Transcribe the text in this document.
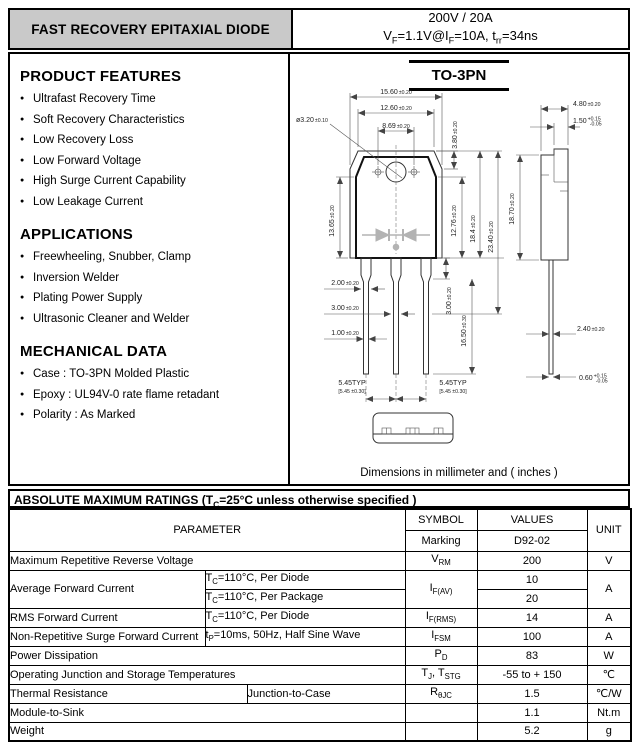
FAST RECOVERY EPITAXIAL DIODE
200V / 20A
$V_F=1.1V@I_F=10A$, $t_{rr}=34ns$
PRODUCT FEATURES
● Ultrafast Recovery Time
● Soft Recovery Characteristics
● Low Recovery Loss
● Low Forward Voltage
● High Surge Current Capability
● Low Leakage Current
APPLICATIONS
● Freewheeling, Snubber, Clamp
● Inversion Welder
● Plating Power Supply
● Ultrasonic Cleaner and Welder
MECHANICAL DATA
● Case : TO-3PN Molded Plastic
● Epoxy : UL94V-0 rate flame retadant
● Polarity : As Marked
TO-3PN
15.60±0.20
12.60±0.20
8.69±0.20
ø3.20±0.10
3.80±0.20
12.76±0.20
18.4±0.20
23.40±0.20
13.65±0.20
3.00±0.20
16.50±0.30
2.00±0.20
3.00±0.20
1.00±0.20
5.45TYP
[5.45 ±0.30]
5.45TYP
[5.45 ±0.30]
4.80±0.20
$1.50^{+0.15}$ -0.05
18.70±0.20
2.40±0.20
$0.60^{+0.15}$ -0.05
Dimensions in millimeter and ( inches )
ABSOLUTE MAXIMUM RATINGS ($T_C=25^\circ C$ unless otherwise specified )
PARAMETER			SYMBOL	VALUES	UNIT
			Marking	D92-02	
Maximum Repetitive Reverse Voltage			$V_{RM}$	200	V
Average Forward Current	$T_C=110^\circ C$, Per Diode		$I_{F(AV)}$	10	A
	$T_C=110^\circ C$, Per Package			20	
RMS Forward Current	$T_C=110^\circ C$, Per Diode		$I_{F(RMS)}$	14	A
Non-Repetitive Surge Forward Current	$t_P=10ms$, 50Hz, Half Sine Wave		$I_{FSM}$	100	A
Power Dissipation			$P_D$	83	W
Operating Junction and Storage Temperatures			$T_J$, $T_{STG}$	-55 to + 150	℃
Thermal Resistance		Junction-to-Case	$R_{\theta JC}$	1.5	℃/W
Module-to-Sink				1.1	Nt.m
Weight				5.2	g
